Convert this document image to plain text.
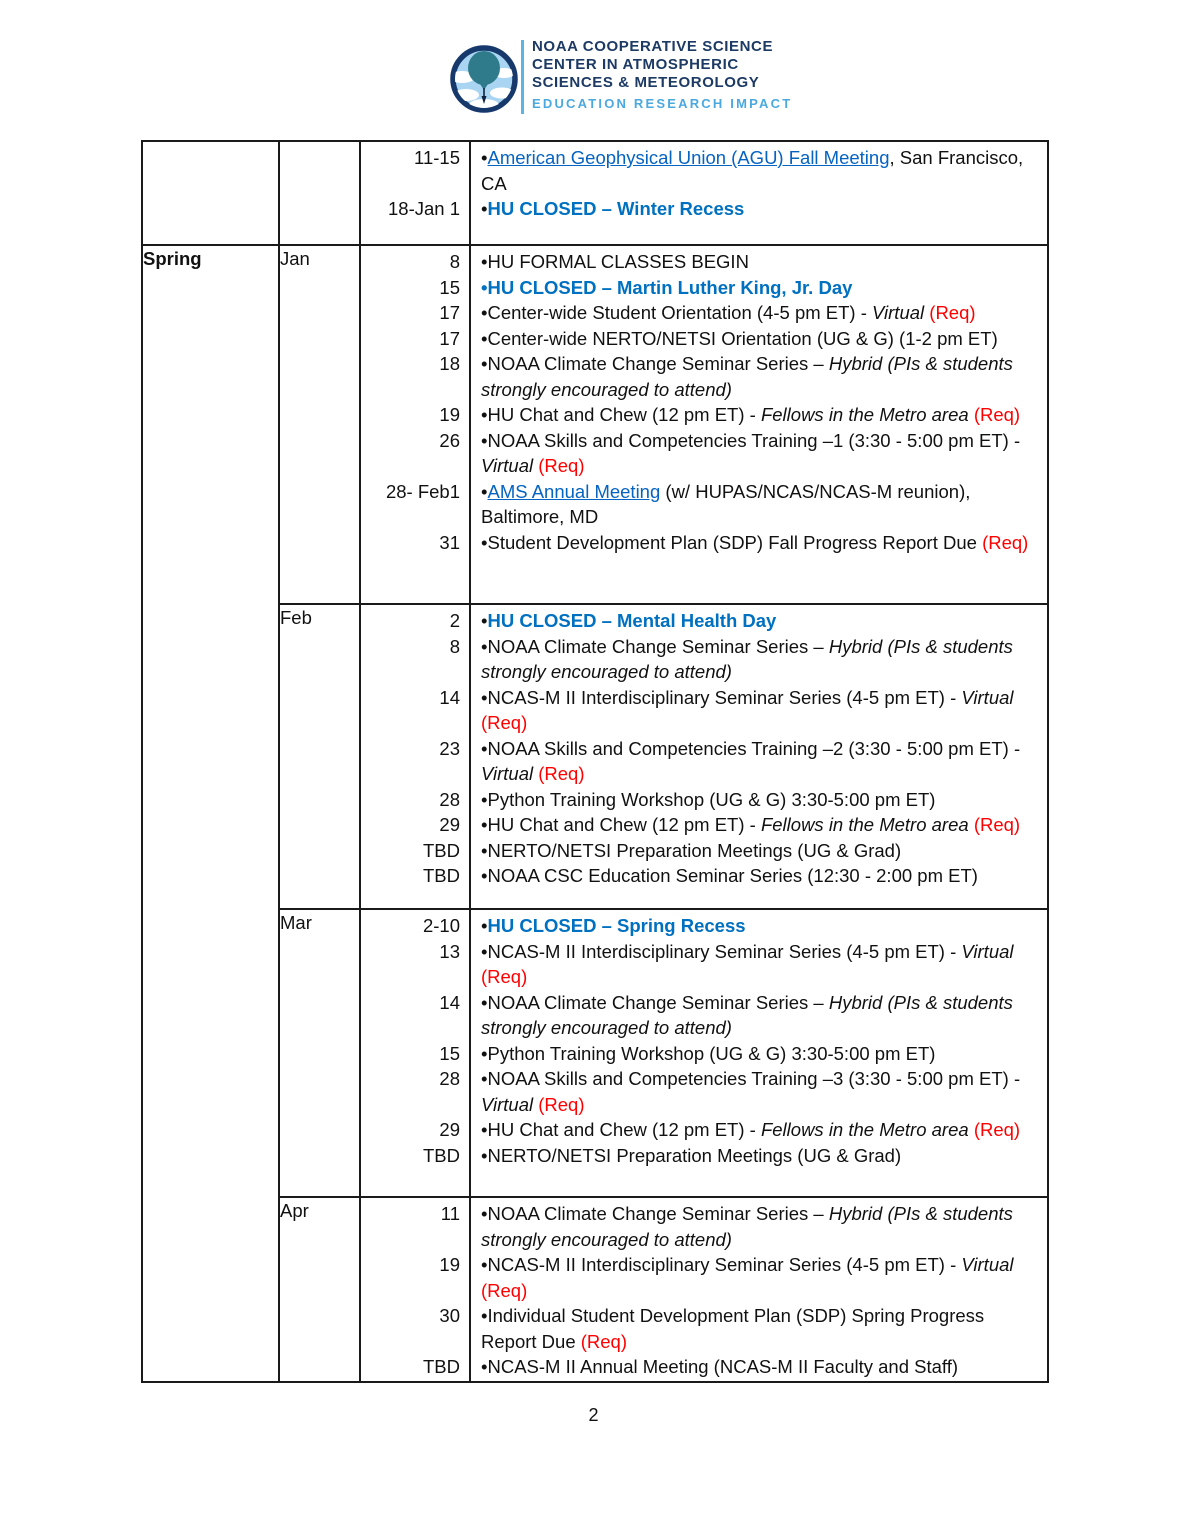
NOAA COOPERATIVE SCIENCE
CENTER IN ATMOSPHERIC
SCIENCES & METEOROLOGY
EDUCATION RESEARCH IMPACT

		11-15 •American Geophysical Union (AGU) Fall Meeting, San Francisco, CA
18-Jan 1 •HU CLOSED – Winter Recess

Spring	Jan	8	•HU FORMAL CLASSES BEGIN
15	•HU CLOSED – Martin Luther King, Jr. Day
17	•Center-wide Student Orientation (4-5 pm ET) - Virtual (Req)
17	•Center-wide NERTO/NETSI Orientation (UG & G) (1-2 pm ET)
18	•NOAA Climate Change Seminar Series – Hybrid (PIs & students strongly encouraged to attend)
19	•HU Chat and Chew (12 pm ET) - Fellows in the Metro area (Req)
26	•NOAA Skills and Competencies Training –1 (3:30 - 5:00 pm ET) - Virtual (Req)
28- Feb1	•AMS Annual Meeting (w/ HUPAS/NCAS/NCAS-M reunion), Baltimore, MD
31	•Student Development Plan (SDP) Fall Progress Report Due (Req)

Feb	2	•HU CLOSED – Mental Health Day
8	•NOAA Climate Change Seminar Series – Hybrid (PIs & students strongly encouraged to attend)
14	•NCAS-M II Interdisciplinary Seminar Series (4-5 pm ET) - Virtual (Req)
23	•NOAA Skills and Competencies Training –2 (3:30 - 5:00 pm ET) - Virtual (Req)
28	•Python Training Workshop (UG & G) 3:30-5:00 pm ET)
29	•HU Chat and Chew (12 pm ET) - Fellows in the Metro area (Req)
TBD	•NERTO/NETSI Preparation Meetings (UG & Grad)
TBD	•NOAA CSC Education Seminar Series (12:30 - 2:00 pm ET)

Mar	2-10	•HU CLOSED – Spring Recess
13	•NCAS-M II Interdisciplinary Seminar Series (4-5 pm ET) - Virtual (Req)
14	•NOAA Climate Change Seminar Series – Hybrid (PIs & students strongly encouraged to attend)
15	•Python Training Workshop (UG & G) 3:30-5:00 pm ET)
28	•NOAA Skills and Competencies Training –3 (3:30 - 5:00 pm ET) - Virtual (Req)
29	•HU Chat and Chew (12 pm ET) - Fellows in the Metro area (Req)
TBD	•NERTO/NETSI Preparation Meetings (UG & Grad)

Apr	11	•NOAA Climate Change Seminar Series – Hybrid (PIs & students strongly encouraged to attend)
19	•NCAS-M II Interdisciplinary Seminar Series (4-5 pm ET) - Virtual (Req)
30	•Individual Student Development Plan (SDP) Spring Progress Report Due (Req)
TBD	•NCAS-M II Annual Meeting (NCAS-M II Faculty and Staff)
2
